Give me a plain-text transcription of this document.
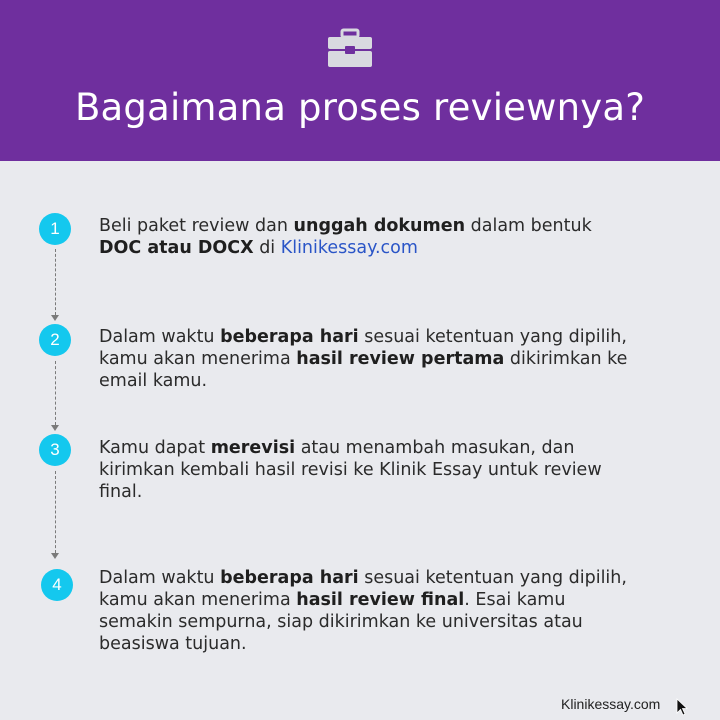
Bagaimana proses reviewnya?
1	Beli paket review dan unggah dokumen dalam bentuk
DOC atau DOCX di Klinikessay.com
2	Dalam waktu beberapa hari sesuai ketentuan yang dipilih,
kamu akan menerima hasil review pertama dikirimkan ke
email kamu.
3	Kamu dapat merevisi atau menambah masukan, dan
kirimkan kembali hasil revisi ke Klinik Essay untuk review
final.
4	Dalam waktu beberapa hari sesuai ketentuan yang dipilih,
kamu akan menerima hasil review final. Esai kamu
semakin sempurna, siap dikirimkan ke universitas atau
beasiswa tujuan.
Klinikessay.com
